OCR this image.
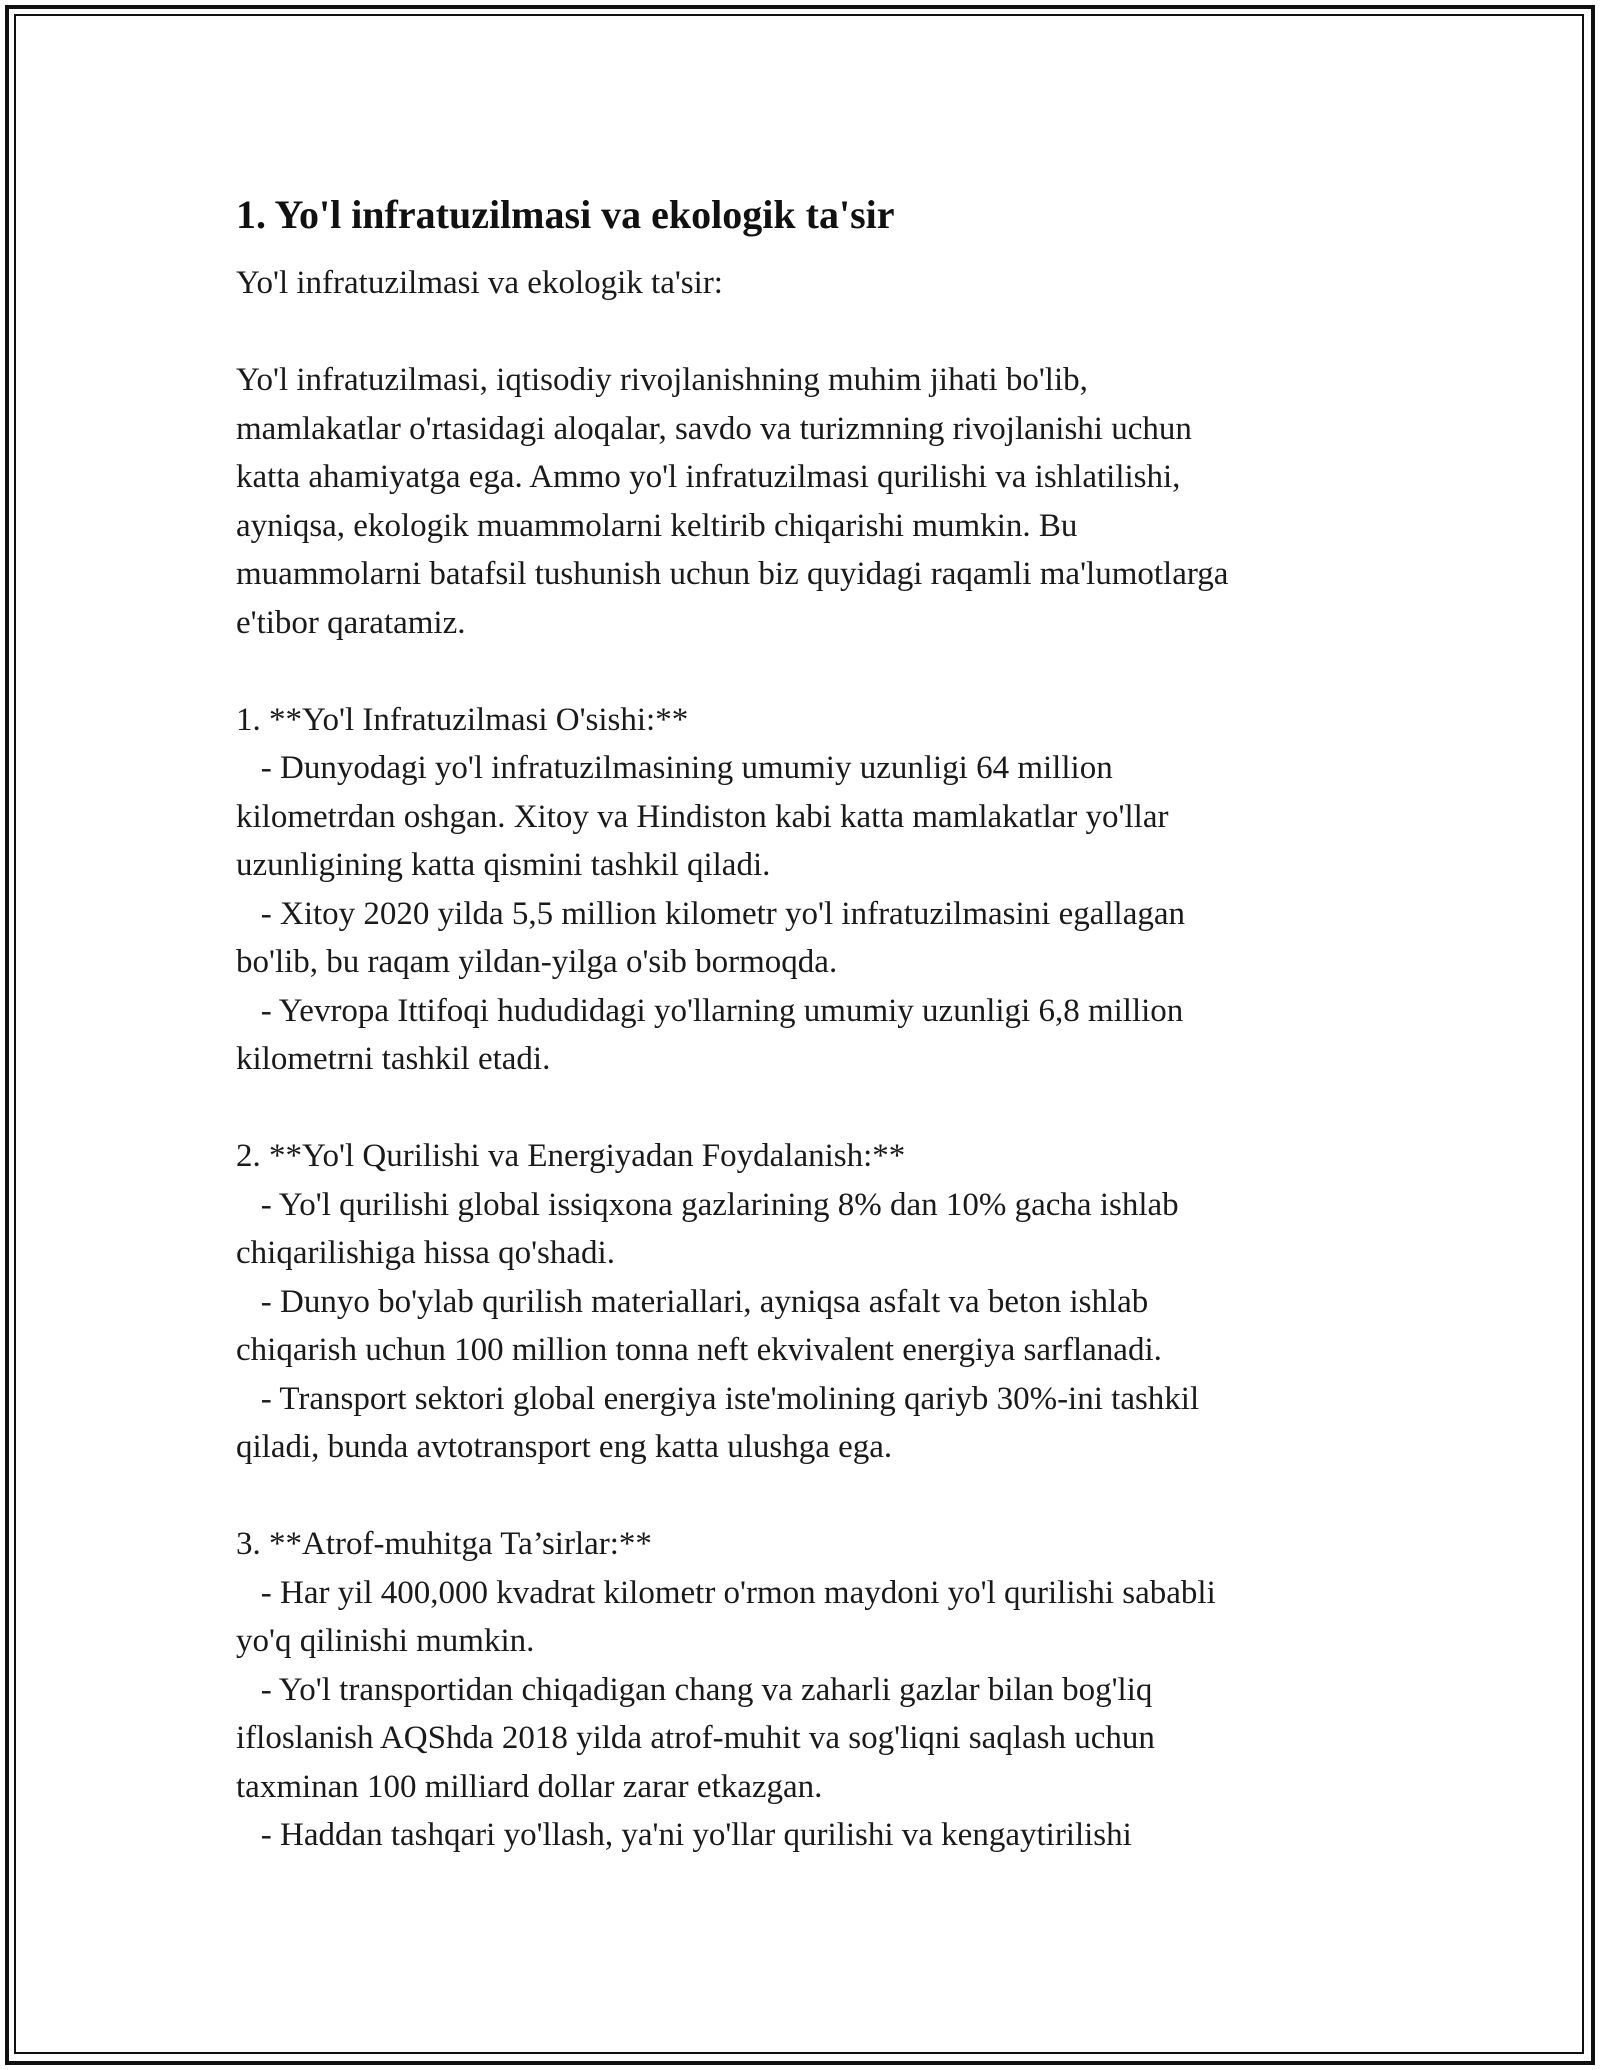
1. Yo'l infratuzilmasi va ekologik ta'sir
Yo'l infratuzilmasi va ekologik ta'sir:
Yo'l infratuzilmasi, iqtisodiy rivojlanishning muhim jihati bo'lib,
mamlakatlar o'rtasidagi aloqalar, savdo va turizmning rivojlanishi uchun
katta ahamiyatga ega. Ammo yo'l infratuzilmasi qurilishi va ishlatilishi,
ayniqsa, ekologik muammolarni keltirib chiqarishi mumkin. Bu
muammolarni batafsil tushunish uchun biz quyidagi raqamli ma'lumotlarga
e'tibor qaratamiz.
1. **Yo'l Infratuzilmasi O'sishi:**
- Dunyodagi yo'l infratuzilmasining umumiy uzunligi 64 million
kilometrdan oshgan. Xitoy va Hindiston kabi katta mamlakatlar yo'llar
uzunligining katta qismini tashkil qiladi.
- Xitoy 2020 yilda 5,5 million kilometr yo'l infratuzilmasini egallagan
bo'lib, bu raqam yildan-yilga o'sib bormoqda.
- Yevropa Ittifoqi hududidagi yo'llarning umumiy uzunligi 6,8 million
kilometrni tashkil etadi.
2. **Yo'l Qurilishi va Energiyadan Foydalanish:**
- Yo'l qurilishi global issiqxona gazlarining 8% dan 10% gacha ishlab
chiqarilishiga hissa qo'shadi.
- Dunyo bo'ylab qurilish materiallari, ayniqsa asfalt va beton ishlab
chiqarish uchun 100 million tonna neft ekvivalent energiya sarflanadi.
- Transport sektori global energiya iste'molining qariyb 30%-ini tashkil
qiladi, bunda avtotransport eng katta ulushga ega.
3. **Atrof-muhitga Ta’sirlar:**
- Har yil 400,000 kvadrat kilometr o'rmon maydoni yo'l qurilishi sababli
yo'q qilinishi mumkin.
- Yo'l transportidan chiqadigan chang va zaharli gazlar bilan bog'liq
ifloslanish AQShda 2018 yilda atrof-muhit va sog'liqni saqlash uchun
taxminan 100 milliard dollar zarar etkazgan.
- Haddan tashqari yo'llash, ya'ni yo'llar qurilishi va kengaytirilishi
